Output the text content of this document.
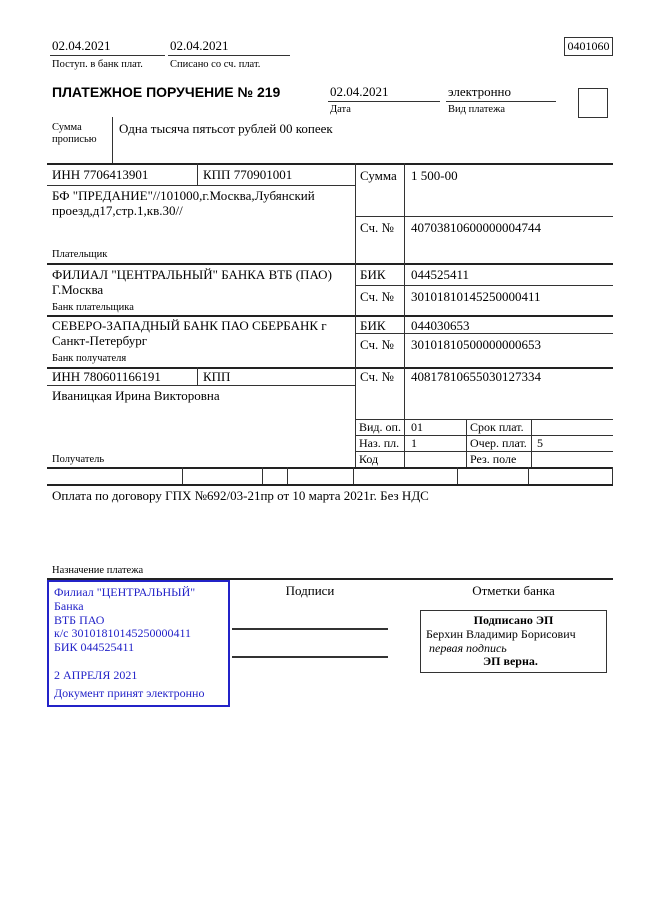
02.04.2021
Поступ. в банк плат.
02.04.2021
Списано со сч. плат.
0401060
ПЛАТЕЖНОЕ ПОРУЧЕНИЕ № 219	02.04.2021
Дата
электронно
Вид платежа
Сумма прописью
Одна тысяча пятьсот рублей 00 копеек
ИНН 7706413901	КПП 770901001	Сумма 1 500-00
БФ "ПРЕДАНИЕ"//101000,г.Москва,Лубянский проезд,д17,стр.1,кв.30//
Сч. № 40703810600000004744
Плательщик
ФИЛИАЛ "ЦЕНТРАЛЬНЫЙ" БАНКА ВТБ (ПАО) Г.Москва
БИК 044525411
Сч. № 30101810145250000411
Банк плательщика
СЕВЕРО-ЗАПАДНЫЙ БАНК ПАО СБЕРБАНК г Санкт-Петербург
БИК 044030653
Сч. № 30101810500000000653
Банк получателя
ИНН 780601166191	КПП	Сч. № 40817810655030127334
Иваницкая Ирина Викторовна
Получатель
Вид. оп. 01	Срок плат.
Наз. пл. 1	Очер. плат. 5
Код	Рез. поле
Оплата по договору ГПХ №692/03-21пр от 10 марта 2021г. Без НДС
Назначение платежа
Филиал "ЦЕНТРАЛЬНЫЙ" Банка
ВТБ ПАО
к/с 30101810145250000411
БИК 044525411
2 АПРЕЛЯ 2021
Документ принят электронно
Подписи	Отметки банка
Подписано ЭП
Берхин Владимир Борисович
первая подпись
ЭП верна.
